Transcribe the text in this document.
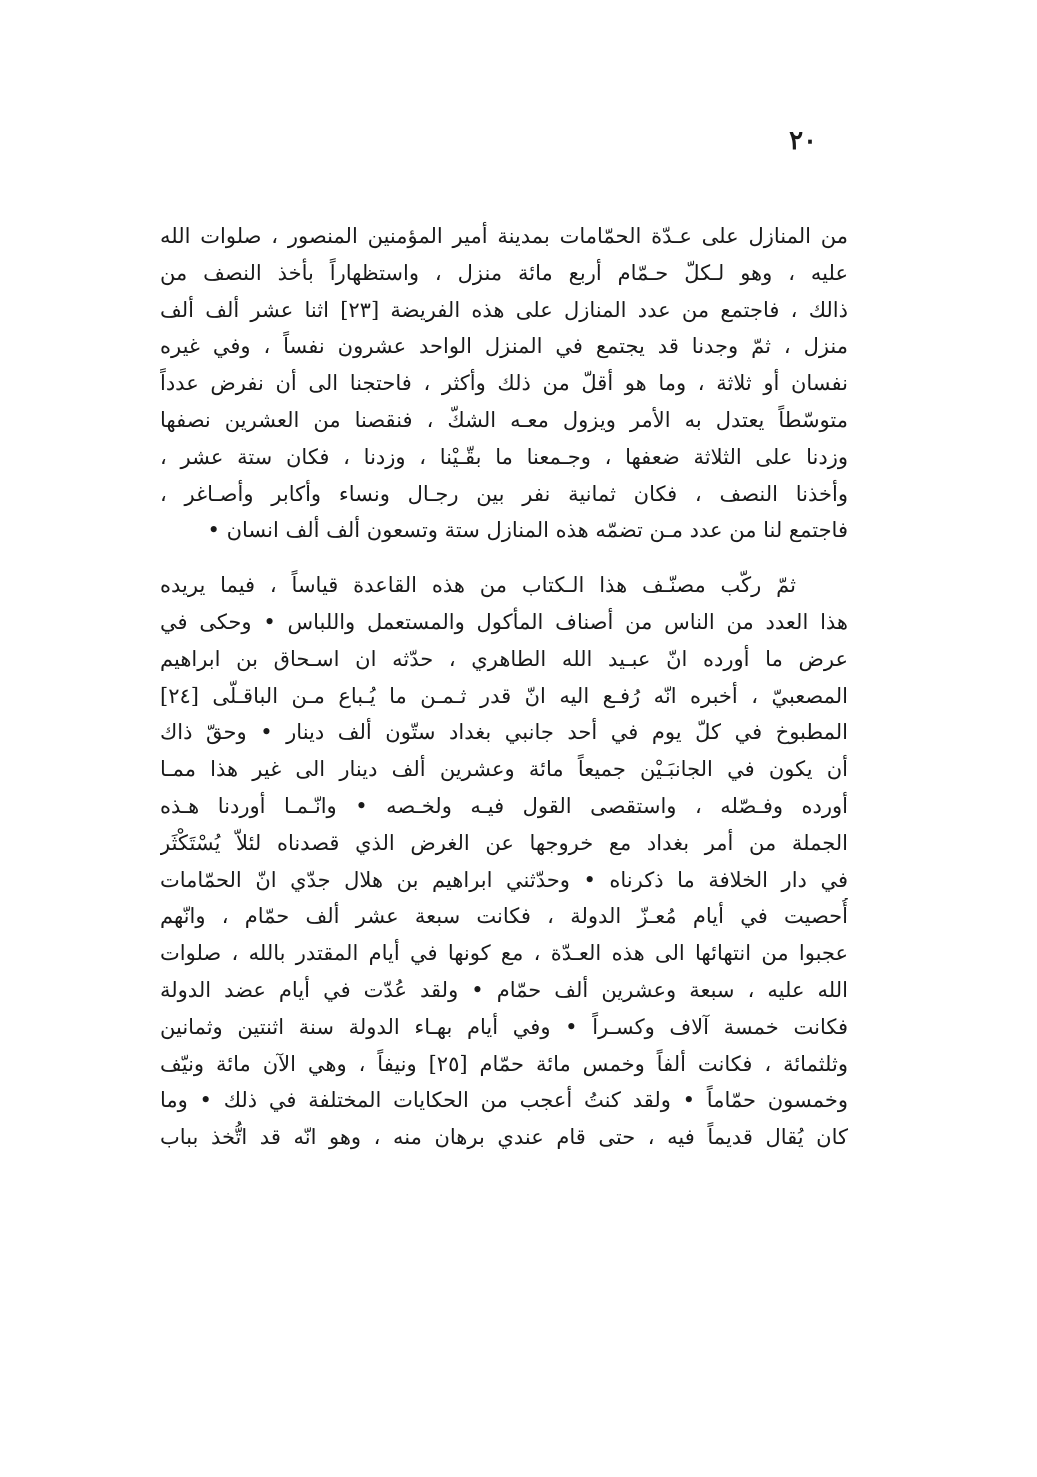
٢٠
من المنازل على عـدّة الحمّامات بمدينة أمير المؤمنين المنصور ، صلوات الله
عليه ، وهو لـكلّ حـمّام أربع مائة منزل ، واستظهاراً بأخذ النصف من
ذالك ، فاجتمع من عدد المنازل على هذه الفريضة [٢٣] اثنا عشر ألف ألف
منزل ، ثمّ وجدنا قد يجتمع في المنزل الواحد عشرون نفساً ، وفي غيره
نفسان أو ثلاثة ، وما هو أقلّ من ذلك وأكثر ، فاحتجنا الى أن نفرض عدداً
متوسّطاً يعتدل به الأمر ويزول معـه الشكّ ، فنقصنا من العشرين نصفها
وزدنا على الثلاثة ضعفها ، وجـمعنا ما بقّـيْنا ، وزدنا ، فكان ستة عشر ،
وأخذنا النصف ، فكان ثمانية نفر بين رجـال ونساء وأكابر وأصـاغر ،
فاجتمع لنا من عدد مـن تضمّه هذه المنازل ستة وتسعون ألف ألف انسان •
ثمّ ركّب مصنّـف هذا الـكتاب من هذه القاعدة قياساً ، فيما يريده
هذا العدد من الناس من أصناف المأكول والمستعمل واللباس • وحكى في
عرض ما أورده انّ عبـيد الله الطاهري ، حدّثه ان اسـحاق بن ابراهيم
المصعبيّ ، أخبره انّه رُفـع اليه انّ قدر ثـمـن ما يُـباع مـن الباقـلّى [٢٤]
المطبوخ في كلّ يوم في أحد جانبي بغداد ستّون ألف دينار • وحقّ ذاك
أن يكون في الجانبَـيْن جميعاً مائة وعشرين ألف دينار الى غير هذا ممـا
أورده وفـصّله ، واستقصى القول فيـه ولخـصه • وانّـمـا أوردنا هـذه
الجملة من أمر بغداد مع خروجها عن الغرض الذي قصدناه لئلاّ يُسْتَكْثَر
في دار الخلافة ما ذكرناه • وحدّثني ابراهيم بن هلال جدّي انّ الحمّامات
أُحصيت في أيام مُعـزّ الدولة ، فكانت سبعة عشر ألف حمّام ، وانّهم
عجبوا من انتهائها الى هذه العـدّة ، مع كونها في أيام المقتدر بالله ، صلوات
الله عليه ، سبعة وعشرين ألف حمّام • ولقد عُدّت في أيام عضد الدولة
فكانت خمسة آلاف وكسـراً • وفي أيام بهـاء الدولة سنة اثنتين وثمانين
وثلثمائة ، فكانت ألفاً وخمس مائة حمّام [٢٥] ونيفاً ، وهي الآن مائة ونيّف
وخمسون حمّاماً • ولقد كنتُ أعجب من الحكايات المختلفة في ذلك • وما
كان يُقال قديماً فيه ، حتى قام عندي برهان منه ، وهو انّه قد اتُّخذ بباب
